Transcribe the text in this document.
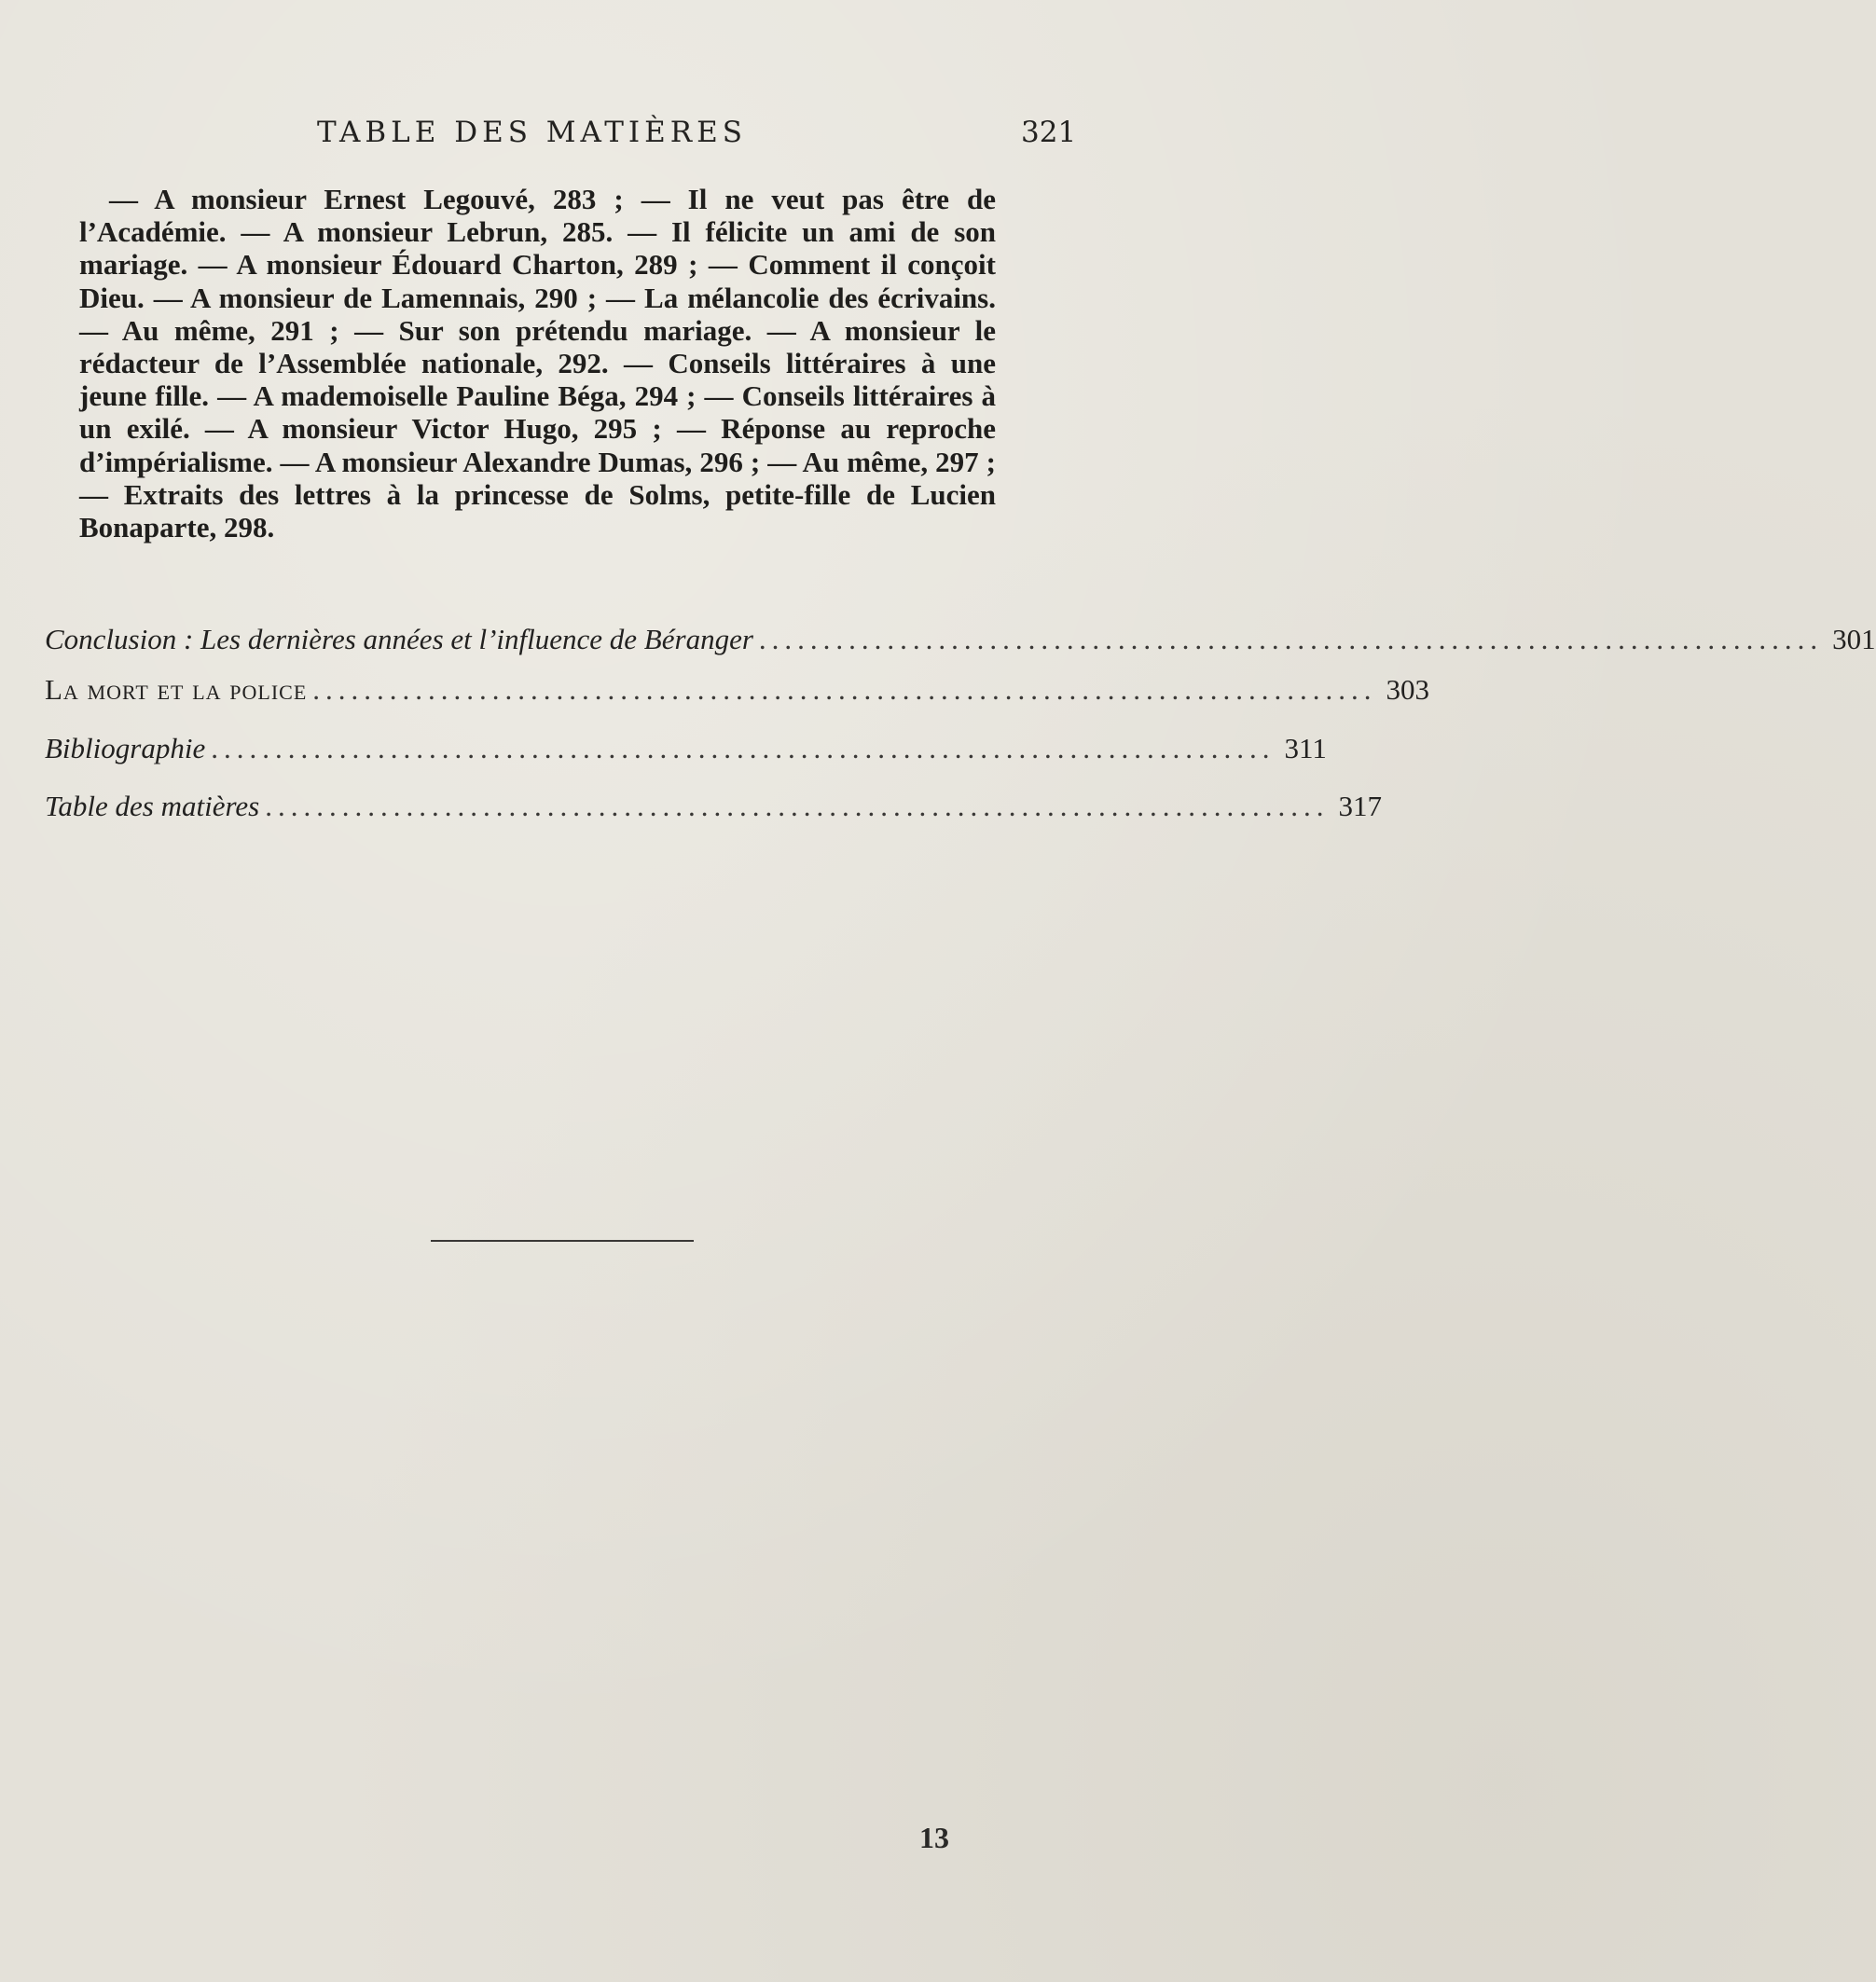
TABLE DES MATIÈRES	321

— A monsieur Ernest Legouvé, 283 ; — Il ne veut pas être de l’Académie. — A monsieur Lebrun, 285. — Il félicite un ami de son mariage. — A monsieur Édouard Charton, 289 ; — Comment il conçoit Dieu. — A monsieur de Lamennais, 290 ; — La mélancolie des écrivains. — Au même, 291 ; — Sur son prétendu mariage. — A monsieur le rédacteur de l’Assemblée nationale, 292. — Conseils littéraires à une jeune fille. — A mademoiselle Pauline Béga, 294 ; — Conseils littéraires à un exilé. — A monsieur Victor Hugo, 295 ; — Réponse au reproche d’impérialisme. — A monsieur Alexandre Dumas, 296 ; — Au même, 297 ; — Extraits des lettres à la princesse de Solms, petite-fille de Lucien Bonaparte, 298.

Conclusion : Les dernières années et l’influence de Béranger ................................................................................... 301
La mort et la police ................................................................................... 303
Bibliographie ................................................................................... 311
Table des matières ................................................................................... 317
13
